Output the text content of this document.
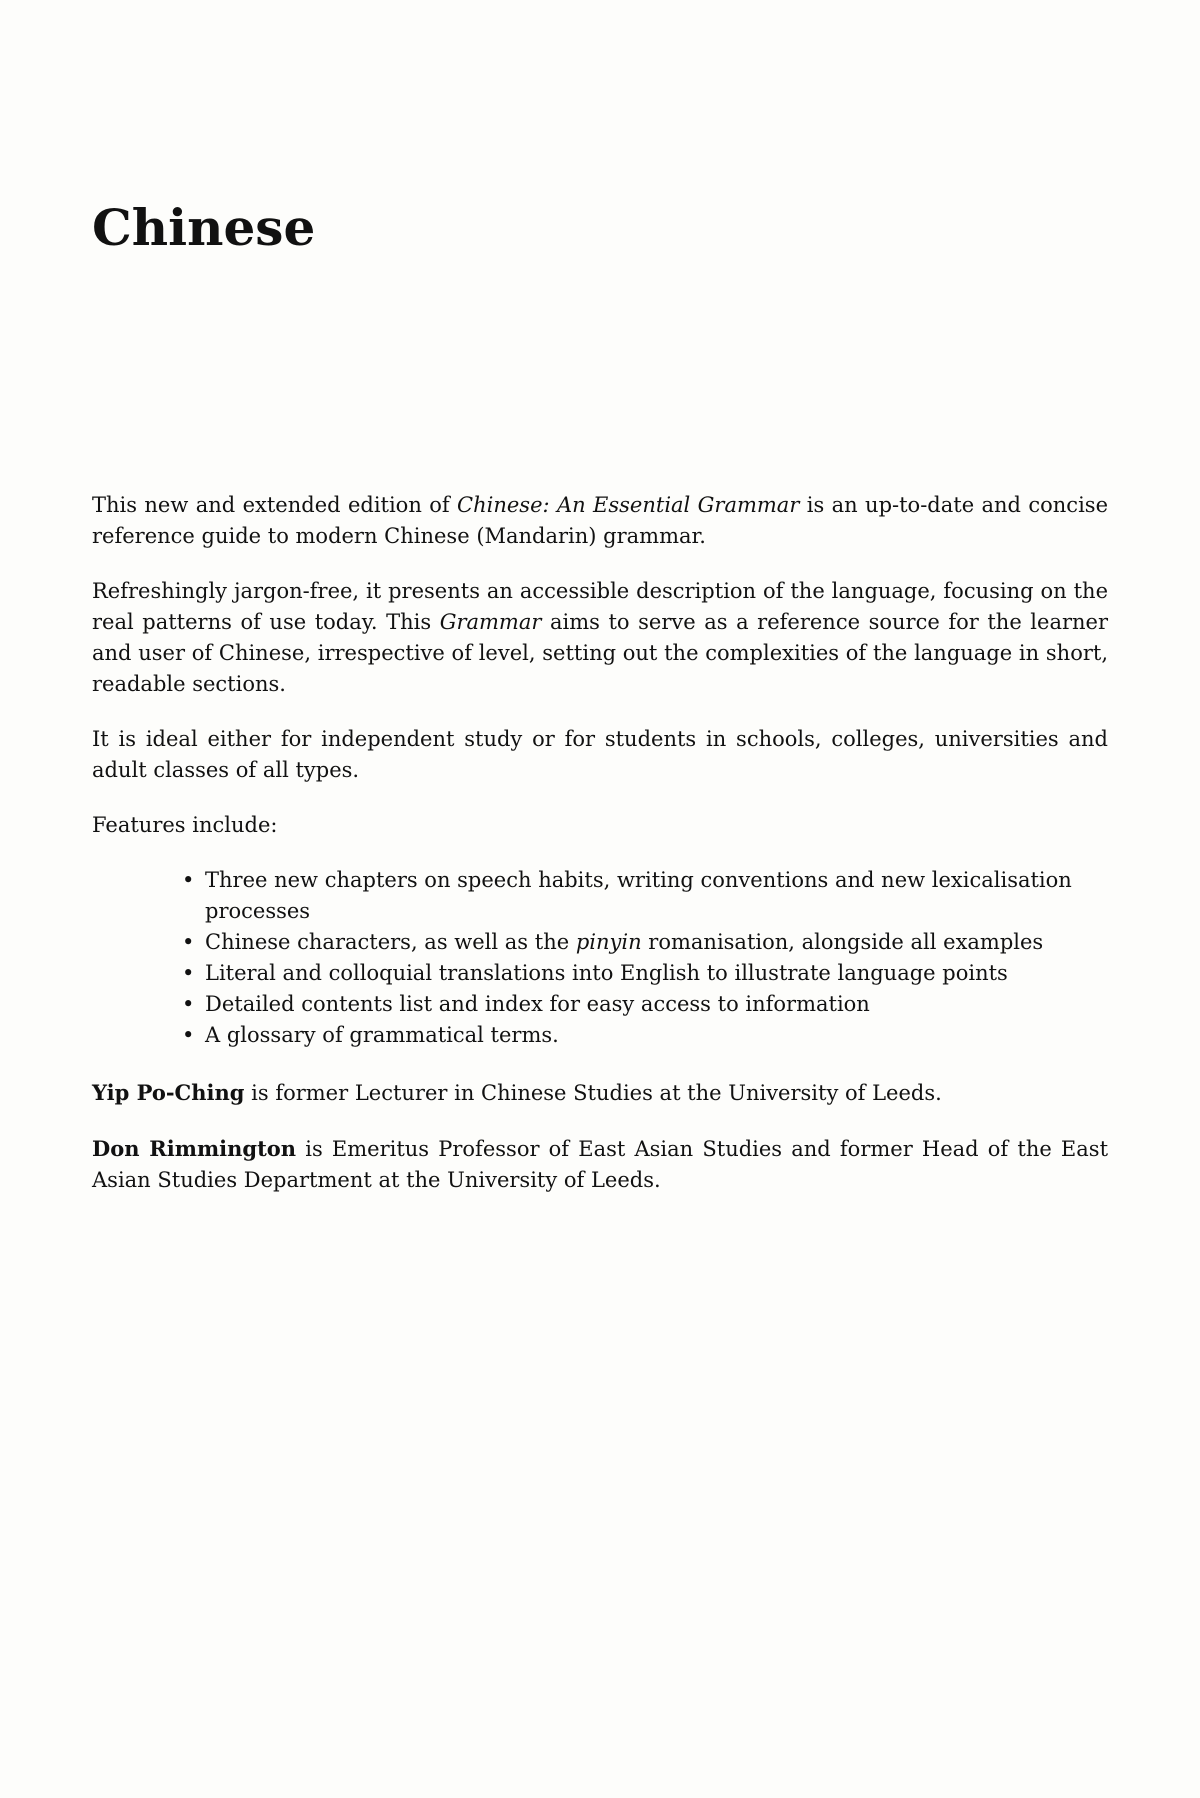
Chinese

This new and extended edition of Chinese: An Essential Grammar is an up-to-date and concise reference guide to modern Chinese (Mandarin) grammar.

Refreshingly jargon-free, it presents an accessible description of the language, focusing on the real patterns of use today. This Grammar aims to serve as a reference source for the learner and user of Chinese, irrespective of level, setting out the complexities of the language in short, readable sections.

It is ideal either for independent study or for students in schools, colleges, universities and adult classes of all types.

Features include:

• Three new chapters on speech habits, writing conventions and new lexicalisation processes
• Chinese characters, as well as the pinyin romanisation, alongside all examples
• Literal and colloquial translations into English to illustrate language points
• Detailed contents list and index for easy access to information
• A glossary of grammatical terms.

Yip Po-Ching is former Lecturer in Chinese Studies at the University of Leeds.

Don Rimmington is Emeritus Professor of East Asian Studies and former Head of the East Asian Studies Department at the University of Leeds.
